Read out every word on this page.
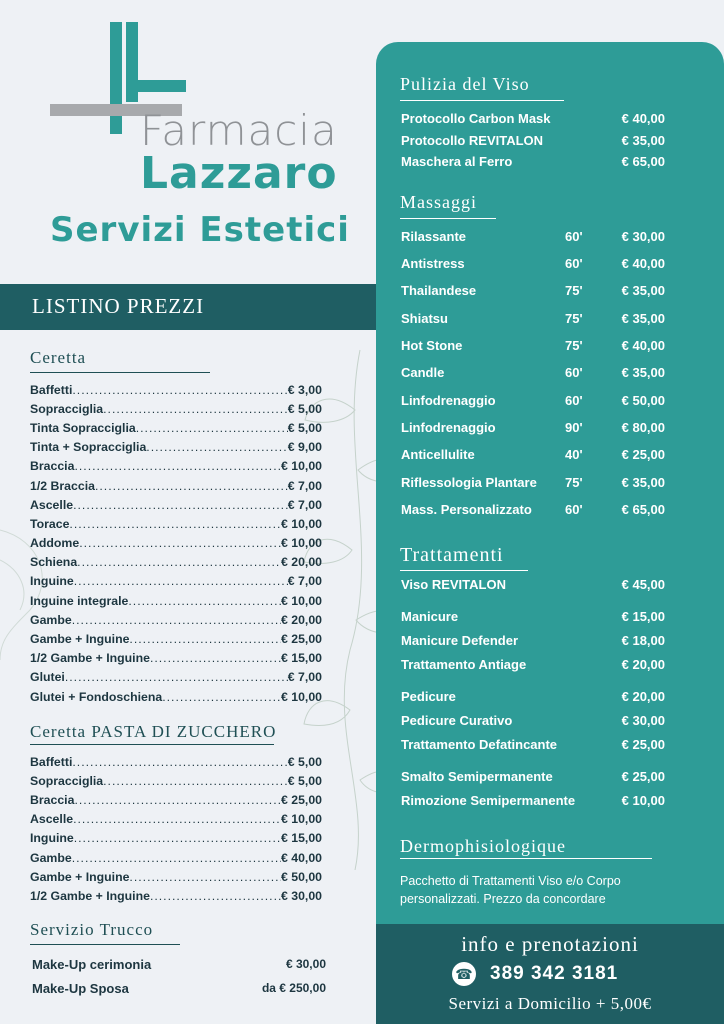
Farmacia
Lazzaro
Servizi Estetici
LISTINO PREZZI
Ceretta
Baffetti .....	€ 3,00
Sopracciglia .....	€ 5,00
Tinta Sopracciglia .....	€ 5,00
Tinta + Sopracciglia .....	€ 9,00
Braccia .....	€ 10,00
1/2 Braccia .....	€ 7,00
Ascelle .....	€ 7,00
Torace .....	€ 10,00
Addome .....	€ 10,00
Schiena .....	€ 20,00
Inguine .....	€ 7,00
Inguine integrale .....	€ 10,00
Gambe .....	€ 20,00
Gambe + Inguine .....	€ 25,00
1/2 Gambe + Inguine .....	€ 15,00
Glutei .....	€ 7,00
Glutei + Fondoschiena .....	€ 10,00
Ceretta PASTA DI ZUCCHERO
Baffetti .....	€ 5,00
Sopracciglia .....	€ 5,00
Braccia .....	€ 25,00
Ascelle .....	€ 10,00
Inguine .....	€ 15,00
Gambe .....	€ 40,00
Gambe + Inguine .....	€ 50,00
1/2 Gambe + Inguine .....	€ 30,00
Servizio Trucco
Make-Up cerimonia	€ 30,00
Make-Up Sposa	da € 250,00
Pulizia del Viso
Protocollo Carbon Mask	€ 40,00
Protocollo REVITALON	€ 35,00
Maschera al Ferro	€ 65,00
Massaggi
Rilassante	60'	€ 30,00
Antistress	60'	€ 40,00
Thailandese	75'	€ 35,00
Shiatsu	75'	€ 35,00
Hot Stone	75'	€ 40,00
Candle	60'	€ 35,00
Linfodrenaggio	60'	€ 50,00
Linfodrenaggio	90'	€ 80,00
Anticellulite	40'	€ 25,00
Riflessologia Plantare	75'	€ 35,00
Mass. Personalizzato	60'	€ 65,00
Trattamenti
Viso REVITALON	€ 45,00
Manicure	€ 15,00
Manicure Defender	€ 18,00
Trattamento Antiage	€ 20,00
Pedicure	€ 20,00
Pedicure Curativo	€ 30,00
Trattamento Defatincante	€ 25,00
Smalto Semipermanente	€ 25,00
Rimozione Semipermanente	€ 10,00
Dermophisiologique
Pacchetto di Trattamenti Viso e/o Corpo personalizzati. Prezzo da concordare
info e prenotazioni
☎ 389 342 3181
Servizi a Domicilio + 5,00€
